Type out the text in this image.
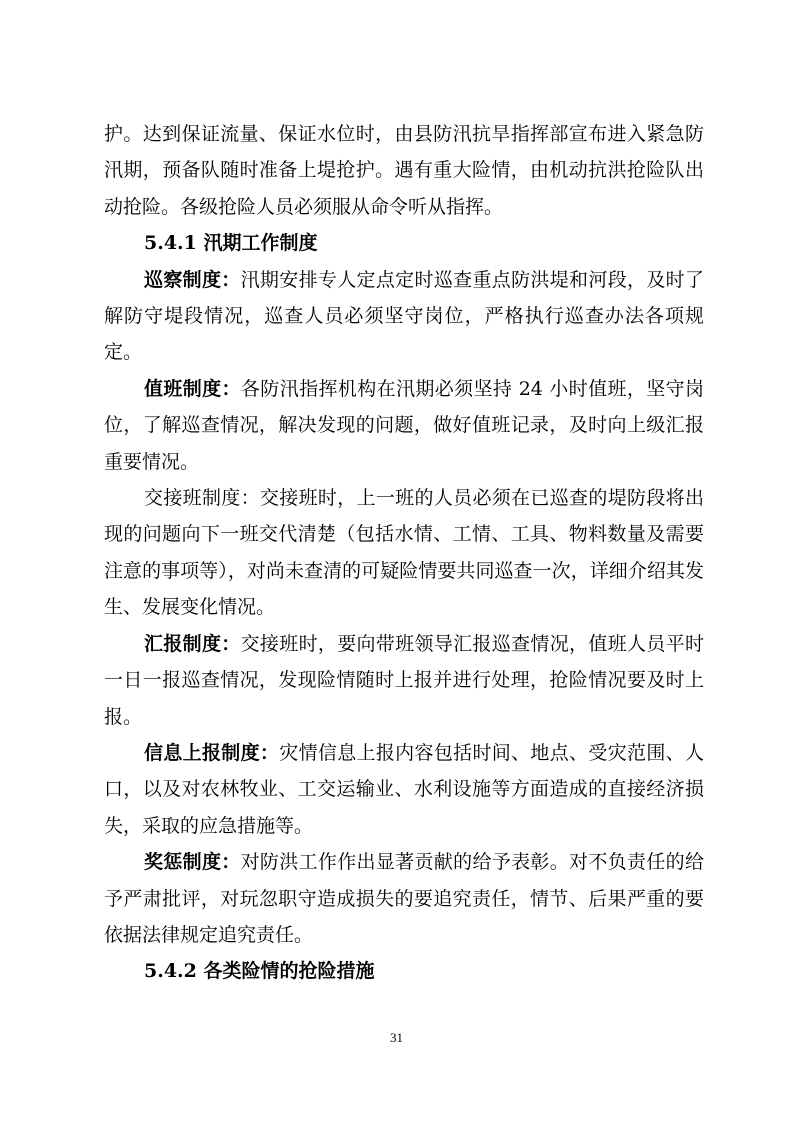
护。达到保证流量、保证水位时，由县防汛抗旱指挥部宣布进入紧急防汛期，预备队随时准备上堤抢护。遇有重大险情，由机动抗洪抢险队出动抢险。各级抢险人员必须服从命令听从指挥。

5.4.1 汛期工作制度

巡察制度：汛期安排专人定点定时巡查重点防洪堤和河段，及时了解防守堤段情况，巡查人员必须坚守岗位，严格执行巡查办法各项规定。

值班制度：各防汛指挥机构在汛期必须坚持 24 小时值班，坚守岗位，了解巡查情况，解决发现的问题，做好值班记录，及时向上级汇报重要情况。

交接班制度：交接班时，上一班的人员必须在已巡查的堤防段将出现的问题向下一班交代清楚（包括水情、工情、工具、物料数量及需要注意的事项等），对尚未查清的可疑险情要共同巡查一次，详细介绍其发生、发展变化情况。

汇报制度：交接班时，要向带班领导汇报巡查情况，值班人员平时一日一报巡查情况，发现险情随时上报并进行处理，抢险情况要及时上报。

信息上报制度：灾情信息上报内容包括时间、地点、受灾范围、人口，以及对农林牧业、工交运输业、水利设施等方面造成的直接经济损失，采取的应急措施等。

奖惩制度：对防洪工作作出显著贡献的给予表彰。对不负责任的给予严肃批评，对玩忽职守造成损失的要追究责任，情节、后果严重的要依据法律规定追究责任。

5.4.2 各类险情的抢险措施

31
